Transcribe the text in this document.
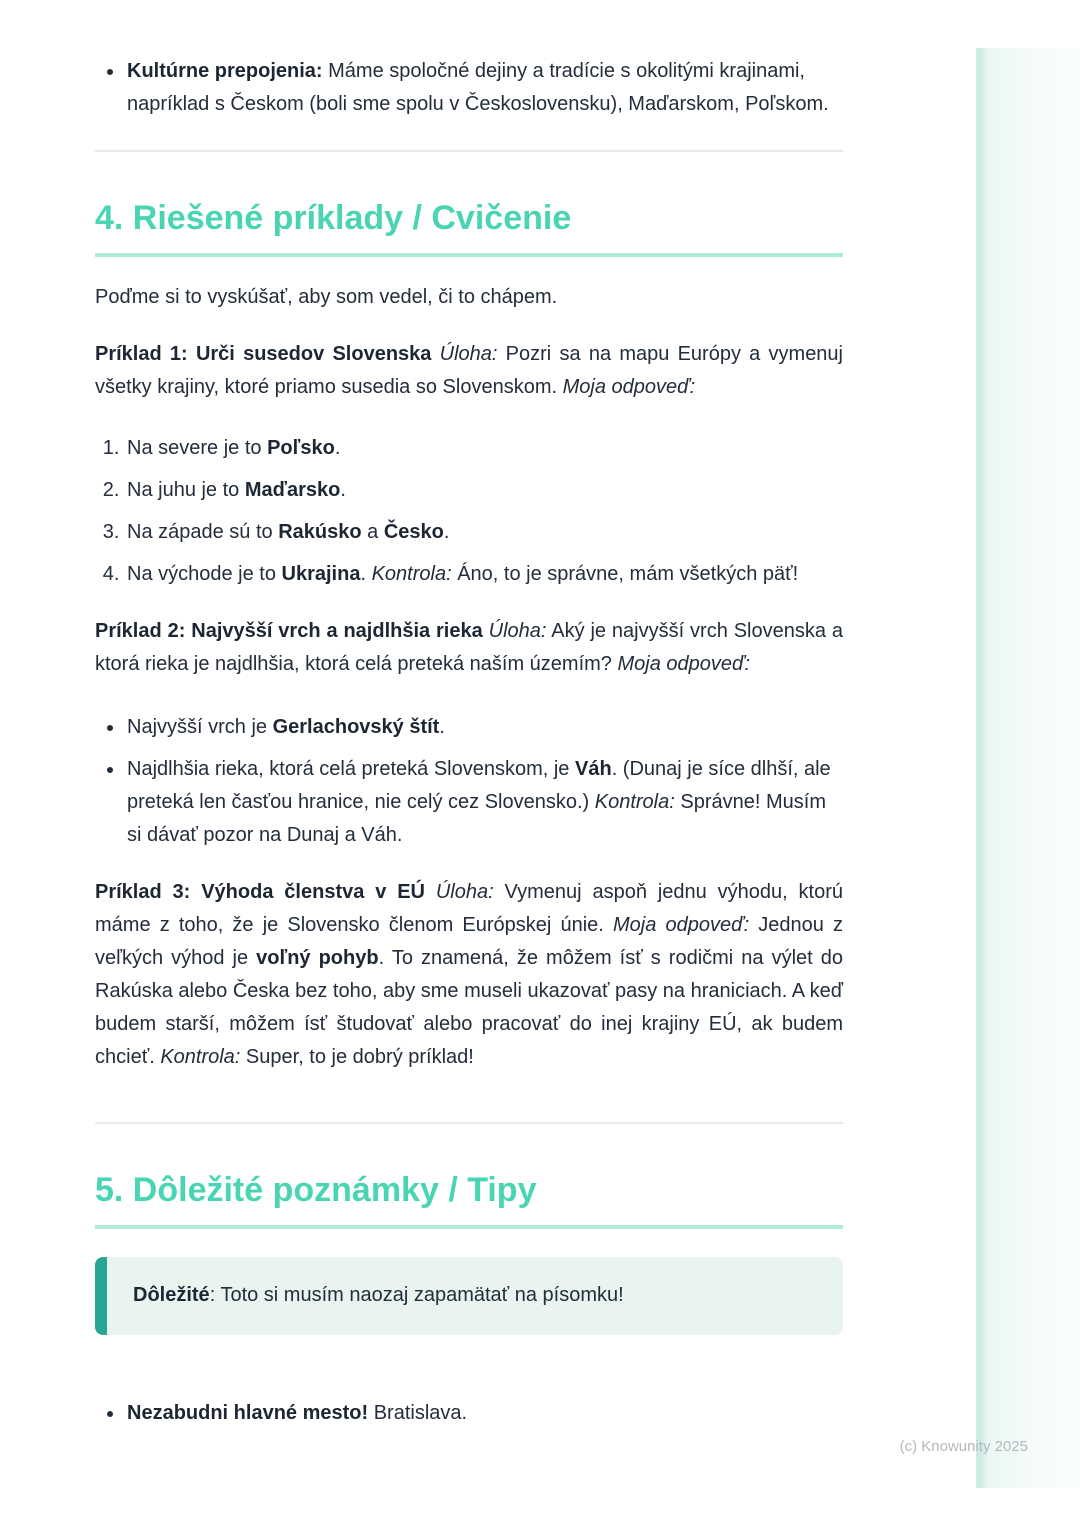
• Kultúrne prepojenia: Máme spoločné dejiny a tradície s okolitými krajinami, napríklad s Českom (boli sme spolu v Československu), Maďarskom, Poľskom.
4. Riešené príklady / Cvičenie

Poďme si to vyskúšať, aby som vedel, či to chápem.

Príklad 1: Urči susedov Slovenska Úloha: Pozri sa na mapu Európy a vymenuj všetky krajiny, ktoré priamo susedia so Slovenskom. Moja odpoveď:

1. Na severe je to Poľsko.
2. Na juhu je to Maďarsko.
3. Na západe sú to Rakúsko a Česko.
4. Na východe je to Ukrajina. Kontrola: Áno, to je správne, mám všetkých päť!

Príklad 2: Najvyšší vrch a najdlhšia rieka Úloha: Aký je najvyšší vrch Slovenska a ktorá rieka je najdlhšia, ktorá celá preteká naším územím? Moja odpoveď:

• Najvyšší vrch je Gerlachovský štít.
• Najdlhšia rieka, ktorá celá preteká Slovenskom, je Váh. (Dunaj je síce dlhší, ale preteká len časťou hranice, nie celý cez Slovensko.) Kontrola: Správne! Musím si dávať pozor na Dunaj a Váh.

Príklad 3: Výhoda členstva v EÚ Úloha: Vymenuj aspoň jednu výhodu, ktorú máme z toho, že je Slovensko členom Európskej únie. Moja odpoveď: Jednou z veľkých výhod je voľný pohyb. To znamená, že môžem ísť s rodičmi na výlet do Rakúska alebo Česka bez toho, aby sme museli ukazovať pasy na hraniciach. A keď budem starší, môžem ísť študovať alebo pracovať do inej krajiny EÚ, ak budem chcieť. Kontrola: Super, to je dobrý príklad!

5. Dôležité poznámky / Tipy
Dôležité: Toto si musím naozaj zapamätať na písomku!
• Nezabudni hlavné mesto! Bratislava.
(c) Knowunity 2025
